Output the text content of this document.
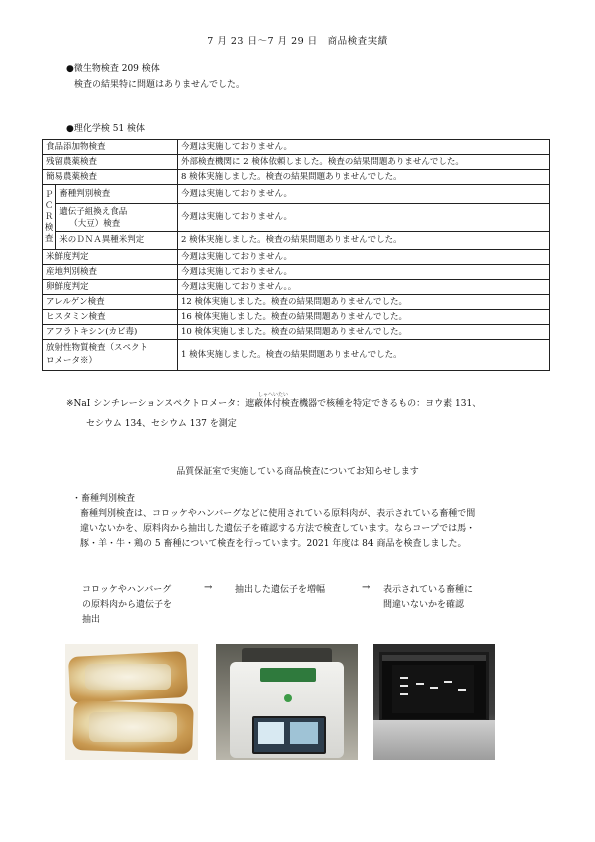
7 月 23 日～7 月 29 日　商品検査実績
●微生物検査 209 検体
検査の結果特に問題はありませんでした。
●理化学検 51 検体
食品添加物検査		今週は実施しておりません。
残留農薬検査		外部検査機関に 2 検体依頼しました。検査の結果問題ありませんでした。
簡易農薬検査		8 検体実施しました。検査の結果問題ありませんでした。
Ｐ
Ｃ
Ｒ
検
査	畜種判別検査	今週は実施しておりません。
	遺伝子組換え食品
（大豆）検査	今週は実施しておりません。
	米のＤＮＡ異種米判定	2 検体実施しました。検査の結果問題ありませんでした。
米鮮度判定		今週は実施しておりません。
産地判別検査		今週は実施しておりません。
卵鮮度判定		今週は実施しておりません。。
アレルゲン検査		12 検体実施しました。検査の結果問題ありませんでした。
ヒスタミン検査		16 検体実施しました。検査の結果問題ありませんでした。
アフラトキシン(カビ毒)		10 検体実施しました。検査の結果問題ありませんでした。
放射性物質検査（スペクト
ロメータ※）		1 検体実施しました。検査の結果問題ありませんでした。
しゃへいたい
※NaI シンチレーションスペクトロメータ：遮蔽体付検査機器で核種を特定できるもの：ヨウ素 131、
セシウム 134、セシウム 137 を測定
品質保証室で実施している商品検査についてお知らせします
・畜種判別検査
畜種判別検査は、コロッケやハンバーグなどに使用されている原料肉が、表示されている畜種で間
違いないかを、原料肉から抽出した遺伝子を確認する方法で検査しています。ならコープでは馬・
豚・羊・牛・鶏の 5 畜種について検査を行っています。2021 年度は 84 商品を検査しました。
コロッケやハンバーグ
の原料肉から遺伝子を
抽出
→	抽出した遺伝子を増幅	→ 表示されている畜種に
間違いないかを確認
